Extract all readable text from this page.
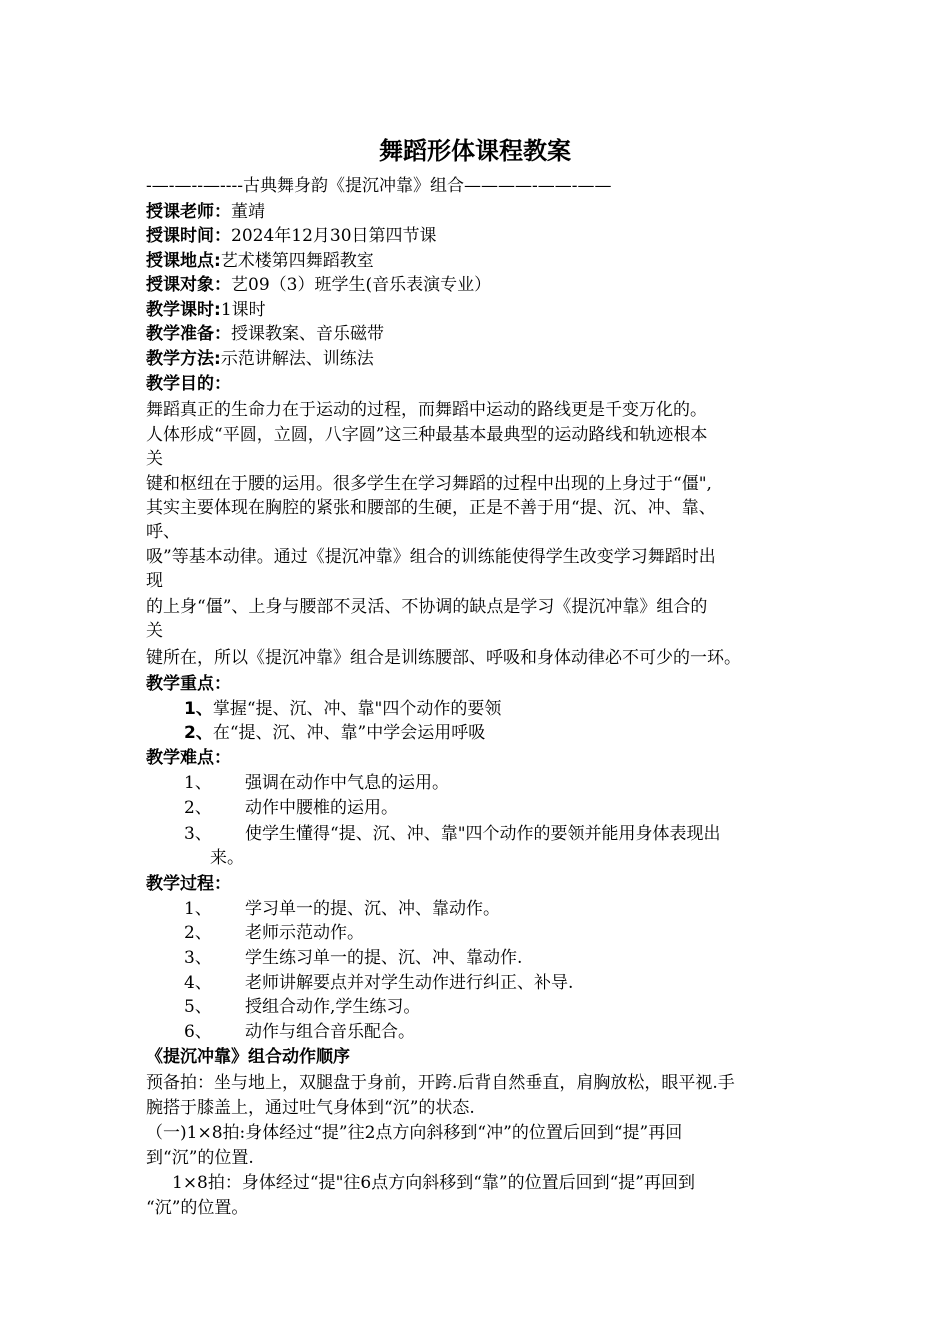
舞蹈形体课程教案
-—-—--—----古典舞身韵《提沉冲靠》组合————-——-——
授课老师：董靖
授课时间：2024年12月30日第四节课
授课地点:艺术楼第四舞蹈教室
授课对象：艺09（3）班学生(音乐表演专业）
教学课时:1课时
教学准备：授课教案、音乐磁带
教学方法:示范讲解法、训练法
教学目的：
舞蹈真正的生命力在于运动的过程，而舞蹈中运动的路线更是千变万化的。
人体形成“平圆，立圆，八字圆”这三种最基本最典型的运动路线和轨迹根本
关
键和枢纽在于腰的运用。很多学生在学习舞蹈的过程中出现的上身过于“僵",
其实主要体现在胸腔的紧张和腰部的生硬，正是不善于用“提、沉、冲、靠、
呼、
吸”等基本动律。通过《提沉冲靠》组合的训练能使得学生改变学习舞蹈时出
现
的上身“僵”、上身与腰部不灵活、不协调的缺点是学习《提沉冲靠》组合的
关
键所在，所以《提沉冲靠》组合是训练腰部、呼吸和身体动律必不可少的一环。
教学重点：
1、掌握“提、沉、冲、靠"四个动作的要领
2、在“提、沉、冲、靠”中学会运用呼吸
教学难点：
1、 强调在动作中气息的运用。
2、 动作中腰椎的运用。
3、 使学生懂得“提、沉、冲、靠"四个动作的要领并能用身体表现出
来。
教学过程：
1、 学习单一的提、沉、冲、靠动作。
2、 老师示范动作。
3、 学生练习单一的提、沉、冲、靠动作.
4、 老师讲解要点并对学生动作进行纠正、补导.
5、 授组合动作,学生练习。
6、 动作与组合音乐配合。
《提沉冲靠》组合动作顺序
预备拍：坐与地上，双腿盘于身前，开跨.后背自然垂直，肩胸放松，眼平视.手
腕搭于膝盖上，通过吐气身体到“沉”的状态.
（一)1×8拍:身体经过“提”往2点方向斜移到“冲”的位置后回到“提”再回
到“沉”的位置.
1×8拍：身体经过“提"往6点方向斜移到“靠”的位置后回到“提”再回到
“沉”的位置。
